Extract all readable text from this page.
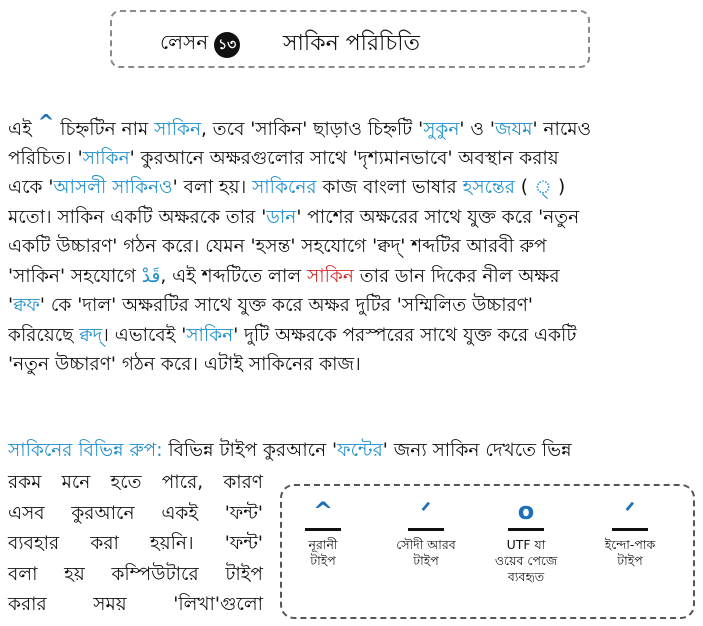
লেসন ১৩ সাকিন পরিচিতি
এই ^ চিহ্নটিন নাম সাকিন, তবে 'সাকিন' ছাড়াও চিহ্নটি 'সুকুন' ও 'জযম' নামেও
পরিচিত। 'সাকিন' কুরআনে অক্ষরগুলোর সাথে 'দৃশ্যমানভাবে' অবস্থান করায়
একে 'আসলী সাকিনও' বলা হয়। সাকিনের কাজ বাংলা ভাষার হসন্তের ( ্ )
মতো। সাকিন একটি অক্ষরকে তার 'ডান' পাশের অক্ষরের সাথে যুক্ত করে 'নতুন
একটি উচ্চারণ' গঠন করে। যেমন 'হসন্ত' সহযোগে 'ক্বদ্' শব্দটির আরবী রুপ
'সাকিন' সহযোগে قَدْ, এই শব্দটিতে লাল সাকিন তার ডান দিকের নীল অক্ষর
'ক্বফ' কে 'দাল' অক্ষরটির সাথে যুক্ত করে অক্ষর দুটির 'সম্মিলিত উচ্চারণ'
করিয়েছে ক্বদ্। এভাবেই 'সাকিন' দুটি অক্ষরকে পরস্পরের সাথে যুক্ত করে একটি
'নতুন উচ্চারণ' গঠন করে। এটাই সাকিনের কাজ।
সাকিনের বিভিন্ন রুপ: বিভিন্ন টাইপ কুরআনে 'ফন্টের' জন্য সাকিন দেখতে ভিন্ন
রকম মনে হতে পারে, কারণ
এসব কুরআনে একই 'ফন্ট'
ব্যবহার করা হয়নি। 'ফন্ট'
বলা হয় কম্পিউটারে টাইপ
করার	সময়	'লিখা'গুলো
^
নূরানী
টাইপ
ᐟ
সৌদী আরব
টাইপ
o
UTF যা
ওয়েব পেজে
ব্যবহৃত
ᐟ
ইন্দো-পাক
টাইপ
